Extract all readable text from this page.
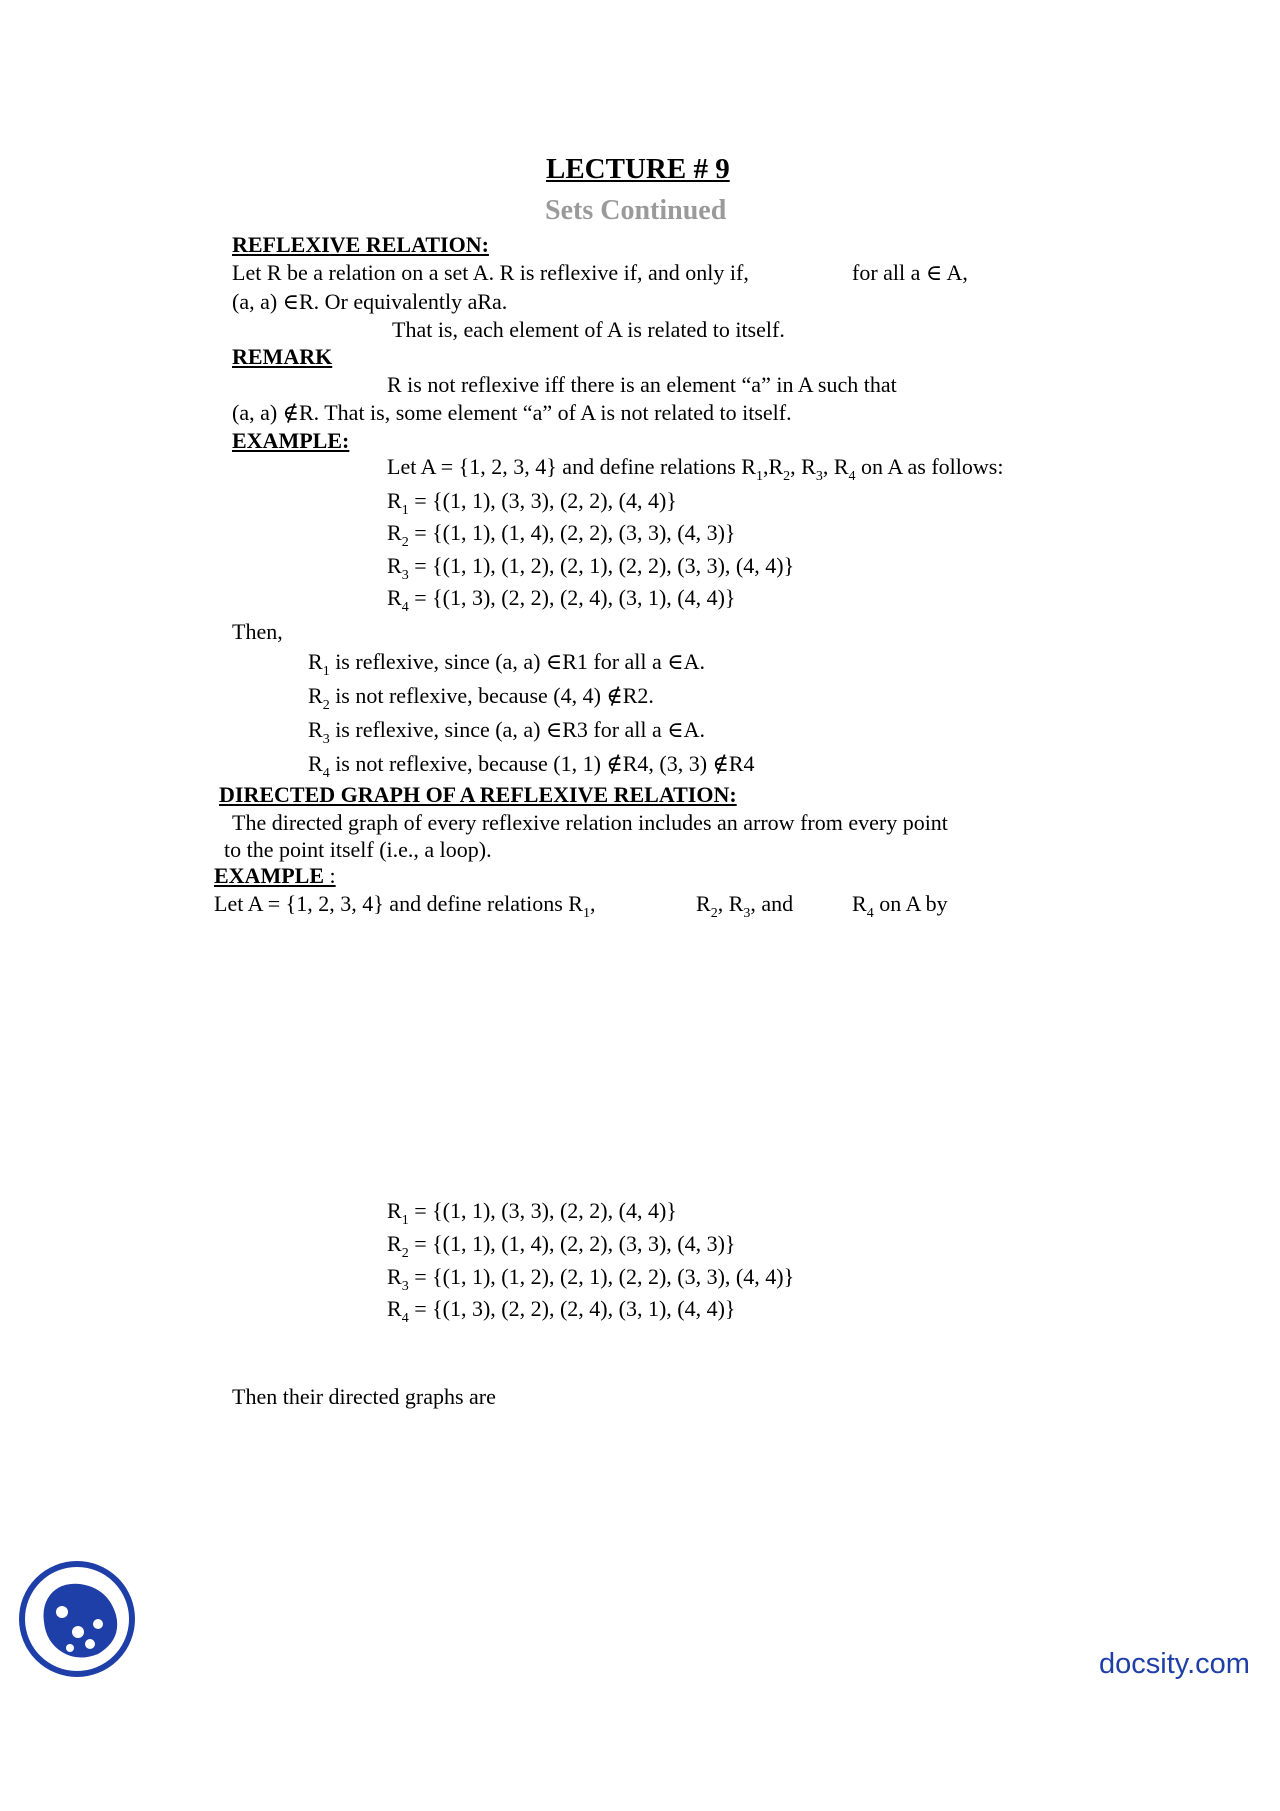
LECTURE # 9
Sets Continued
REFLEXIVE RELATION:
Let R be a relation on a set A. R is reflexive if, and only if,	for all a ∈ A,
(a, a) ∈R. Or equivalently aRa.
That is, each element of A is related to itself.
REMARK
R is not reflexive iff there is an element “a” in A such that
(a, a) ∉R. That is, some element “a” of A is not related to itself.
EXAMPLE:
Let A = {1, 2, 3, 4} and define relations $R_1,R_2$, $R_3$, $R_4$ on A as follows:
$R_1 = \{(1$, 1), (3, 3), (2, 2), (4, 4)}
$R_2 = \{(1$, 1), (1, 4), (2, 2), (3, 3), (4, 3)}
$R_3 = \{(1$, 1), (1, 2), (2, 1), (2, 2), (3, 3), (4, 4)}
$R_4 = \{(1$, 3), (2, 2), (2, 4), (3, 1), (4, 4)}
Then,
$R_1$ is reflexive, since (a, a) ∈R1 for all a ∈A.
$R_2$ is not reflexive, because (4, 4) ∉R2.
$R_3$ is reflexive, since (a, a) ∈R3 for all a ∈A.
$R_4$ is not reflexive, because (1, 1) ∉R4, (3, 3) ∉R4
DIRECTED GRAPH OF A REFLEXIVE RELATION:
The directed graph of every reflexive relation includes an arrow from every point
to the point itself (i.e., a loop).
EXAMPLE :
Let A = {1, 2, 3, 4} and define relations $R_1$,	$R_2$, $R_3$, and	$R_4$ on A by
$R_1 = \{(1$, 1), (3, 3), (2, 2), (4, 4)}
$R_2 = \{(1$, 1), (1, 4), (2, 2), (3, 3), (4, 3)}
$R_3 = \{(1$, 1), (1, 2), (2, 1), (2, 2), (3, 3), (4, 4)}
$R_4 = \{(1$, 3), (2, 2), (2, 4), (3, 1), (4, 4)}
Then their directed graphs are
docsity.com
